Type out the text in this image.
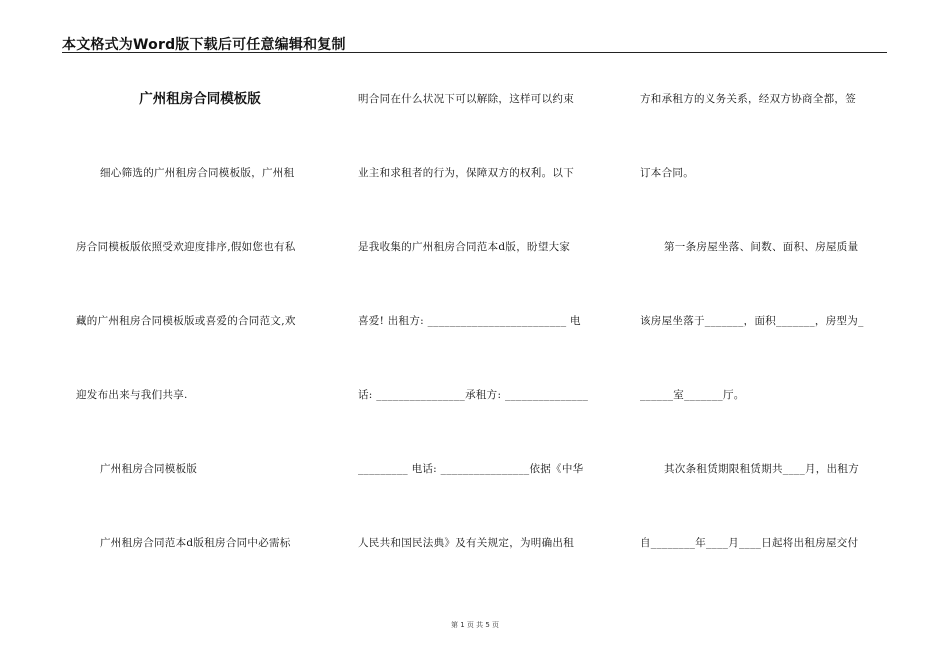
本文格式为Word版下载后可任意编辑和复制

广州租房合同模板版

细心筛选的广州租房合同模板版，广州租

房合同模板版依照受欢迎度排序,假如您也有私

藏的广州租房合同模板版或喜爱的合同范文,欢

迎发布出来与我们共享.

广州租房合同模板版

广州租房合同范本d版租房合同中必需标

明合同在什么状况下可以解除，这样可以约束

业主和求租者的行为，保障双方的权利。以下

是我收集的广州租房合同范本d版，盼望大家

喜爱! 出租方: _________________________ 电

话: ________________承租方: _______________

_________ 电话: ________________依据《中华

人民共和国民法典》及有关规定，为明确出租

方和承租方的义务关系，经双方协商全都，签

订本合同。

第一条房屋坐落、间数、面积、房屋质量

该房屋坐落于_______，面积_______，房型为_

______室_______厅。

其次条租赁期限租赁期共____月，出租方

自________年____月____日起将出租房屋交付

第 1 页 共 5 页
